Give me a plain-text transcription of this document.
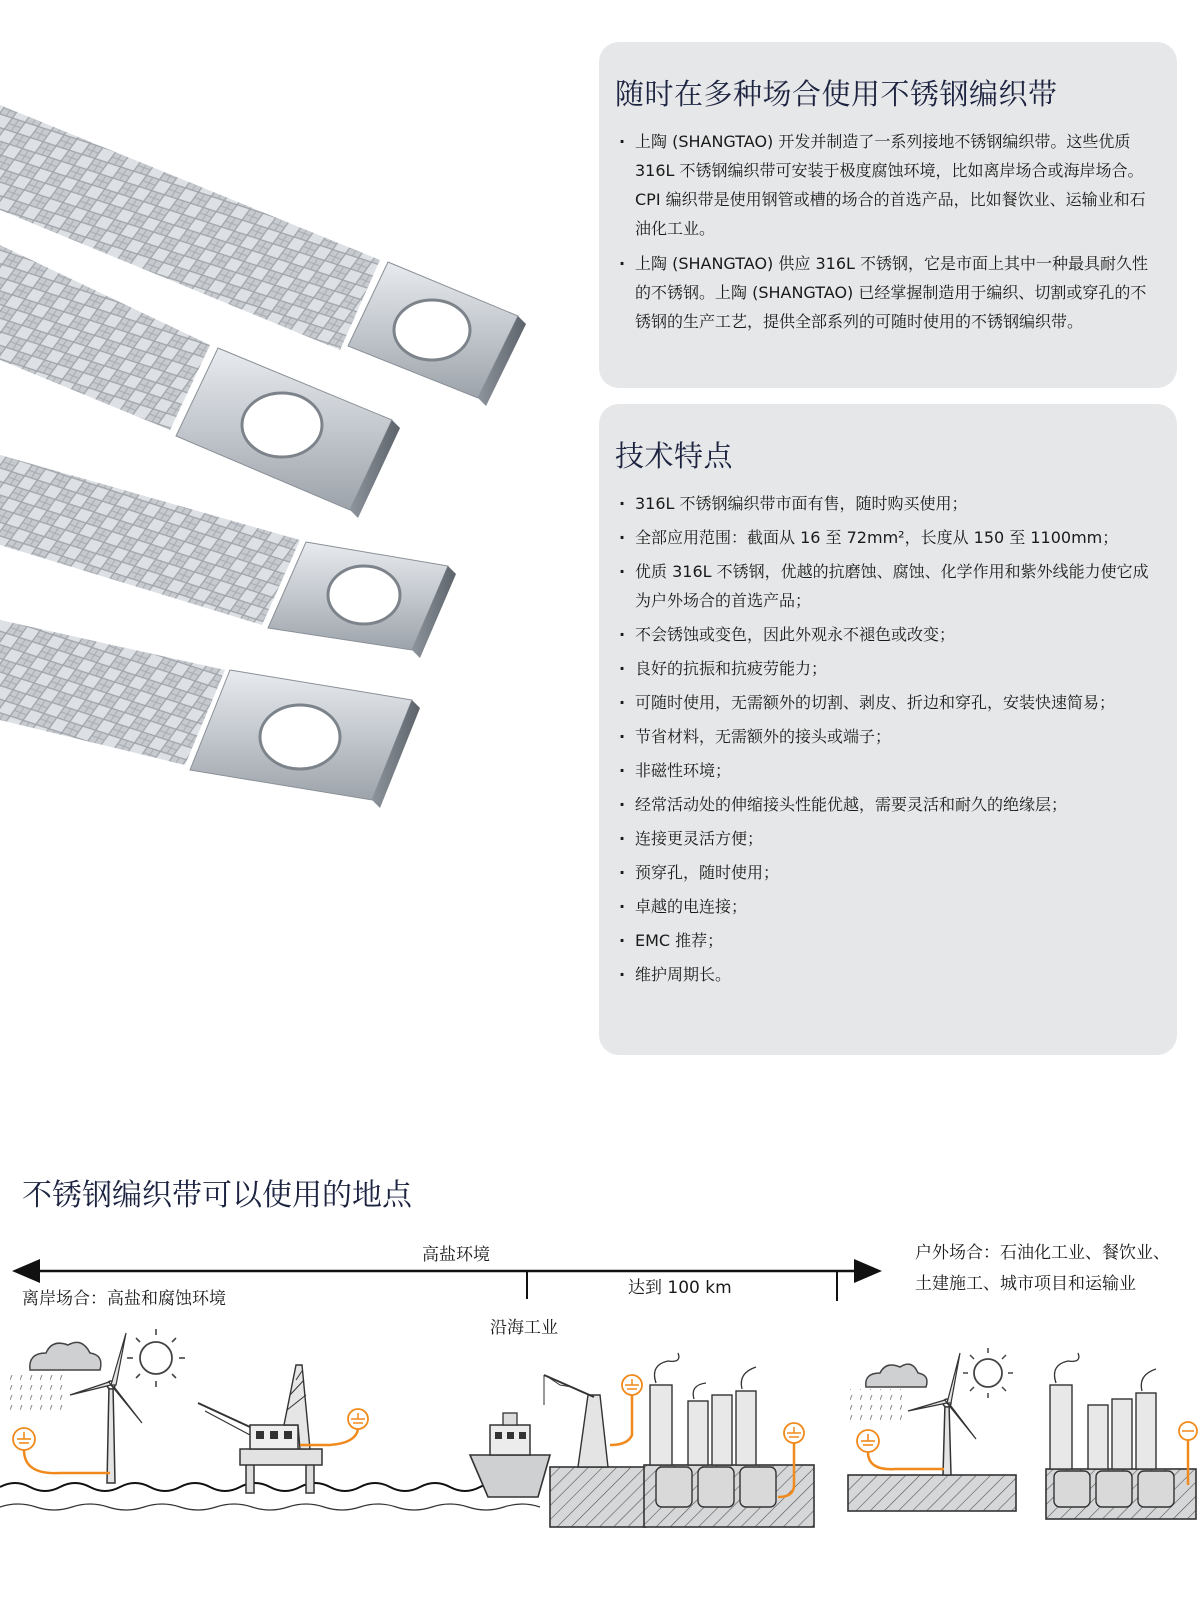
随时在多种场合使用不锈钢编织带
· 上陶 (SHANGTAO) 开发并制造了一系列接地不锈钢编织带。这些优质 316L 不锈钢编织带可安装于极度腐蚀环境，比如离岸场合或海岸场合。CPI 编织带是使用钢管或槽的场合的首选产品，比如餐饮业、运输业和石油化工业。
· 上陶 (SHANGTAO) 供应 316L 不锈钢，它是市面上其中一种最具耐久性的不锈钢。上陶 (SHANGTAO) 已经掌握制造用于编织、切割或穿孔的不锈钢的生产工艺，提供全部系列的可随时使用的不锈钢编织带。
技术特点
· 316L 不锈钢编织带市面有售，随时购买使用；
· 全部应用范围：截面从 16 至 72mm²，长度从 150 至 1100mm；
· 优质 316L 不锈钢，优越的抗磨蚀、腐蚀、化学作用和紫外线能力使它成为户外场合的首选产品；
· 不会锈蚀或变色，因此外观永不褪色或改变；
· 良好的抗振和抗疲劳能力；
· 可随时使用，无需额外的切割、剥皮、折边和穿孔，安装快速简易；
· 节省材料，无需额外的接头或端子；
· 非磁性环境；
· 经常活动处的伸缩接头性能优越，需要灵活和耐久的绝缘层；
· 连接更灵活方便；
· 预穿孔，随时使用；
· 卓越的电连接；
· EMC 推荐；
· 维护周期长。
不锈钢编织带可以使用的地点
高盐环境
离岸场合：高盐和腐蚀环境
达到 100 km
沿海工业
户外场合：石油化工业、餐饮业、
土建施工、城市项目和运输业
